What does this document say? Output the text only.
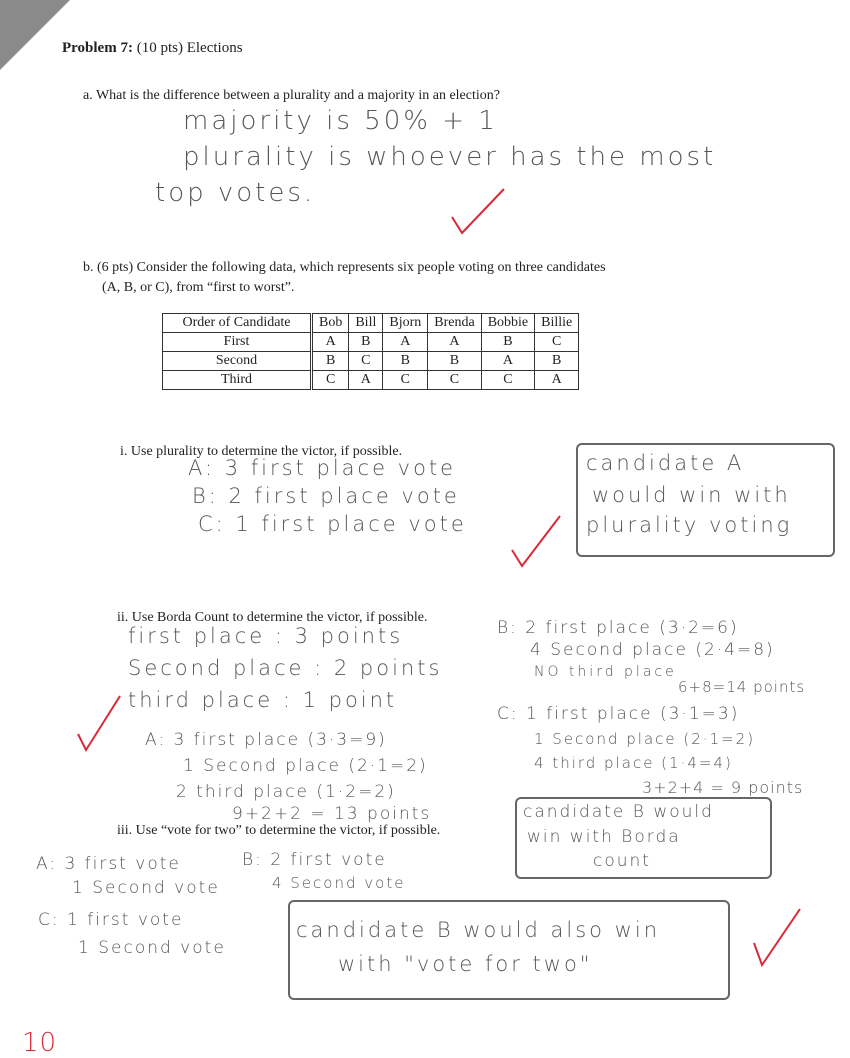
Problem 7: (10 pts) Elections
a. What is the difference between a plurality and a majority in an election?
majority is 50% + 1
plurality is whoever has the most
top votes.
b. (6 pts) Consider the following data, which represents six people voting on three candidates
(A, B, or C), from “first to worst”.
Order of Candidate	Bob	Bill	Bjorn	Brenda	Bobbie	Billie
First	A	B	A	A	B	C
Second	B	C	B	B	A	B
Third	C	A	C	C	C	A
i. Use plurality to determine the victor, if possible.
A: 3 first place vote
B: 2 first place vote
C: 1 first place vote
candidate A
would win with
plurality voting
ii. Use Borda Count to determine the victor, if possible.
first place : 3 points
Second place : 2 points
third place : 1 point
A: 3 first place (3·3=9)
1 Second place (2·1=2)
2 third place (1·2=2)
9+2+2 = 13 points
B: 2 first place (3·2=6)
4 Second place (2·4=8)
NO third place
6+8=14 points
C: 1 first place (3·1=3)
1 Second place (2·1=2)
4 third place (1·4=4)
3+2+4 = 9 points
candidate B would
win with Borda
count
iii. Use “vote for two” to determine the victor, if possible.
A: 3 first vote
1 Second vote
B: 2 first vote
4 Second vote
C: 1 first vote
1 Second vote
candidate B would also win
with "vote for two"
10
